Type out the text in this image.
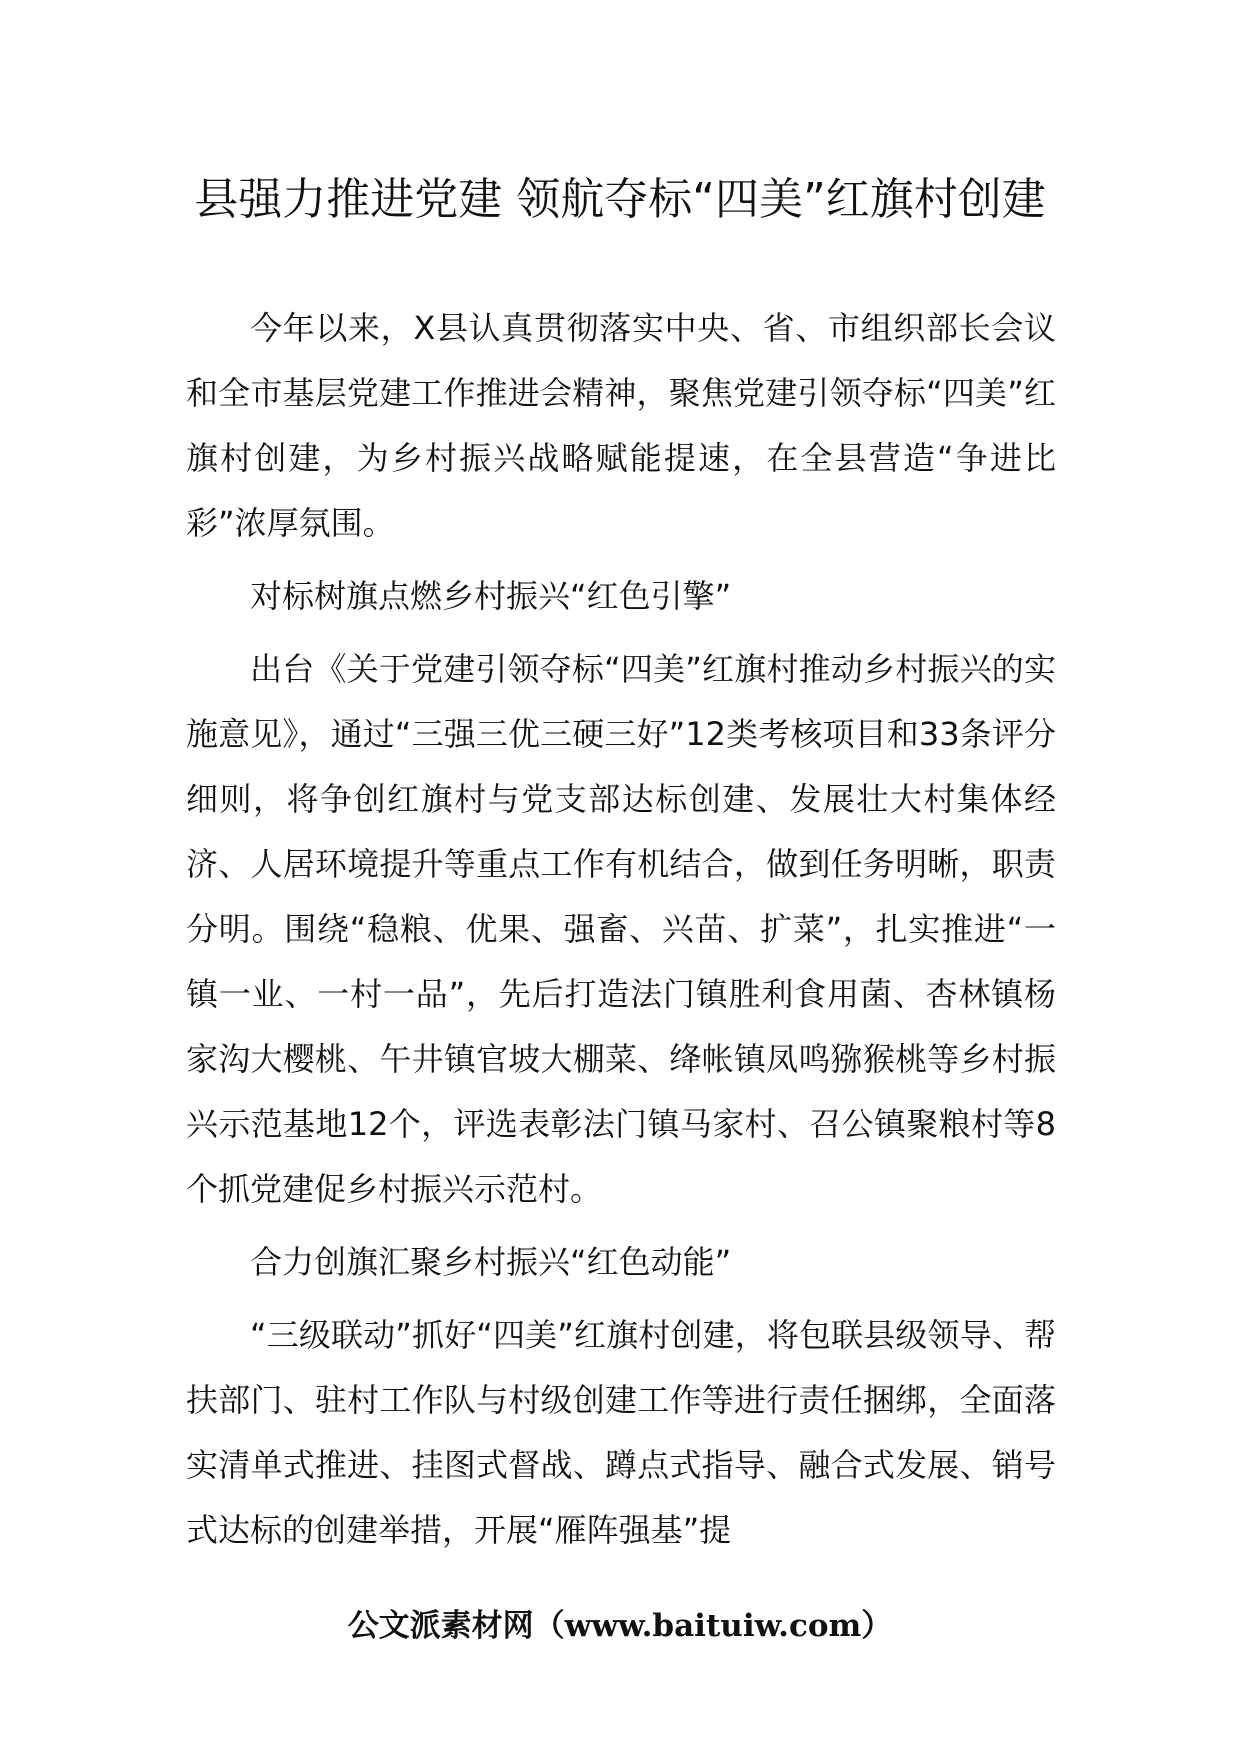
县强力推进党建 领航夺标“四美”红旗村创建

今年以来，X县认真贯彻落实中央、省、市组织部长会议和全市基层党建工作推进会精神，聚焦党建引领夺标“四美”红旗村创建，为乡村振兴战略赋能提速，在全县营造“争进比彩”浓厚氛围。

对标树旗点燃乡村振兴“红色引擎”

出台《关于党建引领夺标“四美”红旗村推动乡村振兴的实施意见》，通过“三强三优三硬三好”12类考核项目和33条评分细则，将争创红旗村与党支部达标创建、发展壮大村集体经济、人居环境提升等重点工作有机结合，做到任务明晰，职责分明。围绕“稳粮、优果、强畜、兴苗、扩菜”，扎实推进“一镇一业、一村一品”，先后打造法门镇胜利食用菌、杏林镇杨家沟大樱桃、午井镇官坡大棚菜、绛帐镇凤鸣猕猴桃等乡村振兴示范基地12个，评选表彰法门镇马家村、召公镇聚粮村等8个抓党建促乡村振兴示范村。

合力创旗汇聚乡村振兴“红色动能”

“三级联动”抓好“四美”红旗村创建，将包联县级领导、帮扶部门、驻村工作队与村级创建工作等进行责任捆绑，全面落实清单式推进、挂图式督战、蹲点式指导、融合式发展、销号式达标的创建举措，开展“雁阵强基”提

公文派素材网（www.baituiw.com）
